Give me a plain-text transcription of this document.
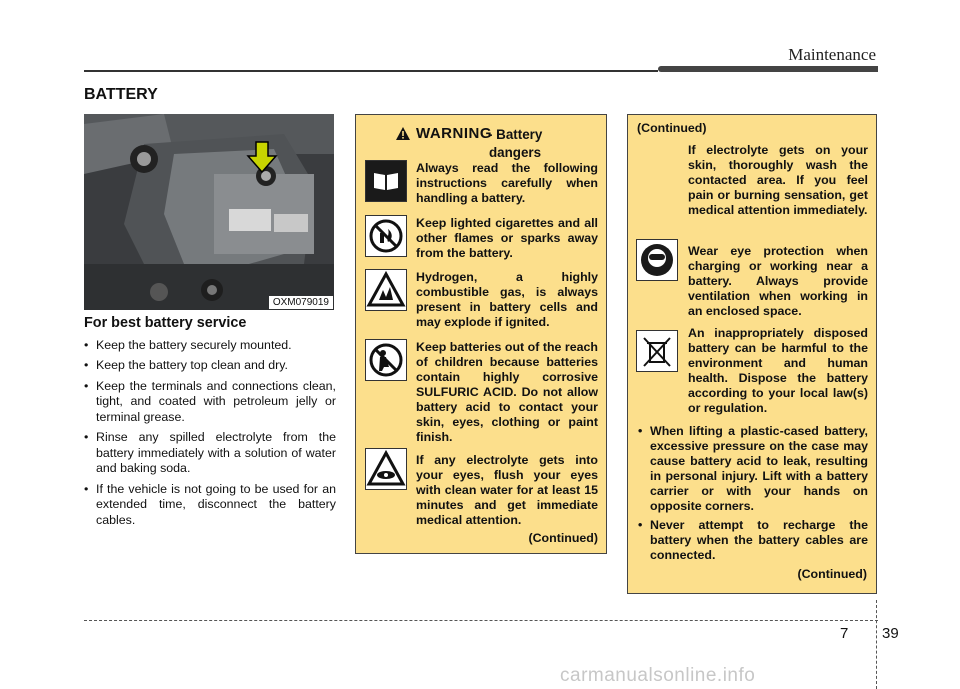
Maintenance
BATTERY
OXM079019
For best battery service
• Keep the battery securely mounted.
• Keep the battery top clean and dry.
• Keep the terminals and connections clean, tight, and coated with petroleum jelly or terminal grease.
• Rinse any spilled electrolyte from the battery immediately with a solution of water and baking soda.
• If the vehicle is not going to be used for an extended time, disconnect the battery cables.
WARNING
- Battery
dangers
Always read the following instructions carefully when handling a battery.
Keep lighted cigarettes and all other flames or sparks away from the battery.
Hydrogen, a highly combustible gas, is always present in battery cells and may explode if ignited.
Keep batteries out of the reach of children because batteries contain highly corrosive SULFURIC ACID. Do not allow battery acid to contact your skin, eyes, clothing or paint finish.
If any electrolyte gets into your eyes, flush your eyes with clean water for at least 15 minutes and get immediate medical attention.
(Continued)
(Continued)
If electrolyte gets on your skin, thoroughly wash the contacted area. If you feel pain or burning sensation, get medical attention immediately.
Wear eye protection when charging or working near a battery. Always provide ventilation when working in an enclosed space.
An inappropriately disposed battery can be harmful to the environment and human health. Dispose the battery according to your local law(s) or regulation.
• When lifting a plastic-cased battery, excessive pressure on the case may cause battery acid to leak, resulting in personal injury. Lift with a battery carrier or with your hands on opposite corners.
• Never attempt to recharge the battery when the battery cables are connected.
(Continued)
7 39
carmanualsonline.info
